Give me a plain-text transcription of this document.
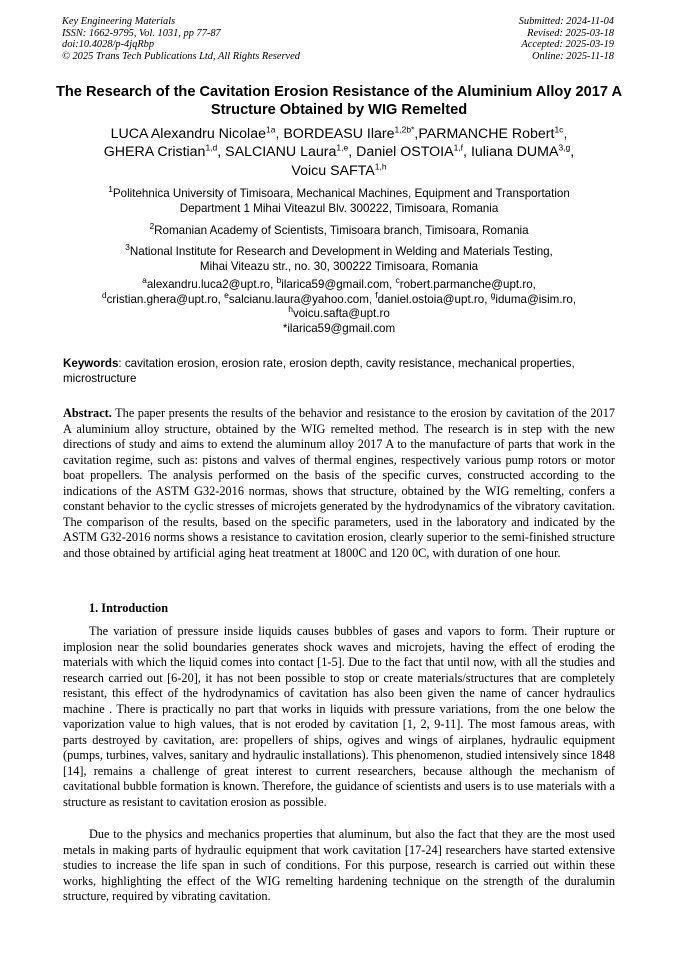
Key Engineering Materials
ISSN: 1662-9795, Vol. 1031, pp 77-87
doi:10.4028/p-4jqRbp
© 2025 Trans Tech Publications Ltd, All Rights Reserved
Submitted: 2024-11-04
Revised: 2025-03-18
Accepted: 2025-03-19
Online: 2025-11-18
The Research of the Cavitation Erosion Resistance of the Aluminium Alloy 2017 A Structure Obtained by WIG Remelted
LUCA Alexandru Nicolae$^{1a}$, BORDEASU Ilare$^{1,2b*}$,PARMANCHE Robert$^{1c}$,
GHERA Cristian$^{1,d}$, SALCIANU Laura$^{1,e}$, Daniel OSTOIA$^{1,f}$, Iuliana DUMA$^{3,g}$,
Voicu SAFTA$^{1,h}$
$^1$Politehnica University of Timisoara, Mechanical Machines, Equipment and Transportation
Department 1 Mihai Viteazul Blv. 300222, Timisoara, Romania
$^2$Romanian Academy of Scientists, Timisoara branch, Timisoara, Romania
$^3$National Institute for Research and Development in Welding and Materials Testing,
Mihai Viteazu str., no. 30, 300222 Timisoara, Romania
$^a$alexandru.luca2@upt.ro, $^b$ilarica59@gmail.com, $^c$robert.parmanche@upt.ro,
$^d$cristian.ghera@upt.ro, $^e$salcianu.laura@yahoo.com, $^f$daniel.ostoia@upt.ro, $^g$iduma@isim.ro,
$^h$voicu.safta@upt.ro
*ilarica59@gmail.com
Keywords: cavitation erosion, erosion rate, erosion depth, cavity resistance, mechanical properties, microstructure
Abstract. The paper presents the results of the behavior and resistance to the erosion by cavitation of the 2017 A aluminium alloy structure, obtained by the WIG remelted method. The research is in step with the new directions of study and aims to extend the aluminum alloy 2017 A to the manufacture of parts that work in the cavitation regime, such as: pistons and valves of thermal engines, respectively various pump rotors or motor boat propellers. The analysis performed on the basis of the specific curves, constructed according to the indications of the ASTM G32-2016 normas, shows that structure, obtained by the WIG remelting, confers a constant behavior to the cyclic stresses of microjets generated by the hydrodynamics of the vibratory cavitation. The comparison of the results, based on the specific parameters, used in the laboratory and indicated by the ASTM G32-2016 norms shows a resistance to cavitation erosion, clearly superior to the semi-finished structure and those obtained by artificial aging heat treatment at 1800C and 120 0C, with duration of one hour.
1. Introduction
The variation of pressure inside liquids causes bubbles of gases and vapors to form. Their rupture or implosion near the solid boundaries generates shock waves and microjets, having the effect of eroding the materials with which the liquid comes into contact [1-5]. Due to the fact that until now, with all the studies and research carried out [6-20], it has not been possible to stop or create materials/structures that are completely resistant, this effect of the hydrodynamics of cavitation has also been given the name of cancer hydraulics machine . There is practically no part that works in liquids with pressure variations, from the one below the vaporization value to high values, that is not eroded by cavitation [1, 2, 9-11]. The most famous areas, with parts destroyed by cavitation, are: propellers of ships, ogives and wings of airplanes, hydraulic equipment (pumps, turbines, valves, sanitary and hydraulic installations). This phenomenon, studied intensively since 1848 [14], remains a challenge of great interest to current researchers, because although the mechanism of cavitational bubble formation is known. Therefore, the guidance of scientists and users is to use materials with a structure as resistant to cavitation erosion as possible.
Due to the physics and mechanics properties that aluminum, but also the fact that they are the most used metals in making parts of hydraulic equipment that work cavitation [17-24] researchers have started extensive studies to increase the life span in such of conditions. For this purpose, research is carried out within these works, highlighting the effect of the WIG remelting hardening technique on the strength of the duralumin structure, required by vibrating cavitation.
